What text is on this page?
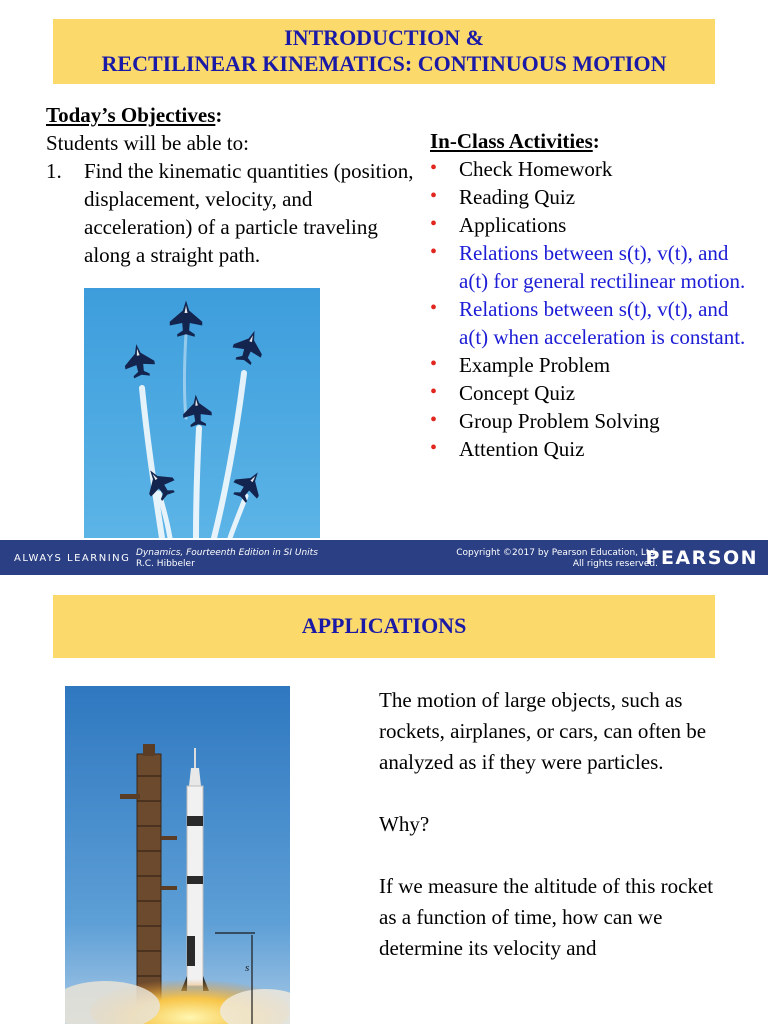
INTRODUCTION &
RECTILINEAR KINEMATICS: CONTINUOUS MOTION
Today’s Objectives:
Students will be able to:
1.	Find the kinematic quantities (position, displacement, velocity, and acceleration) of a particle traveling along a straight path.
In-Class Activities:
• Check Homework
• Reading Quiz
• Applications
• Relations between s(t), v(t), and a(t) for general rectilinear motion.
• Relations between s(t), v(t), and a(t) when acceleration is constant.
• Example Problem
• Concept Quiz
• Group Problem Solving
• Attention Quiz
ALWAYS LEARNING Dynamics, Fourteenth Edition in SI Units
R.C. Hibbeler
Copyright ©2017 by Pearson Education, Ltd.
All rights reserved.
PEARSON
APPLICATIONS
s

The motion of large objects, such as rockets, airplanes, or cars, can often be analyzed as if they were particles.

Why?

If we measure the altitude of this rocket as a function of time, how can we determine its velocity and
